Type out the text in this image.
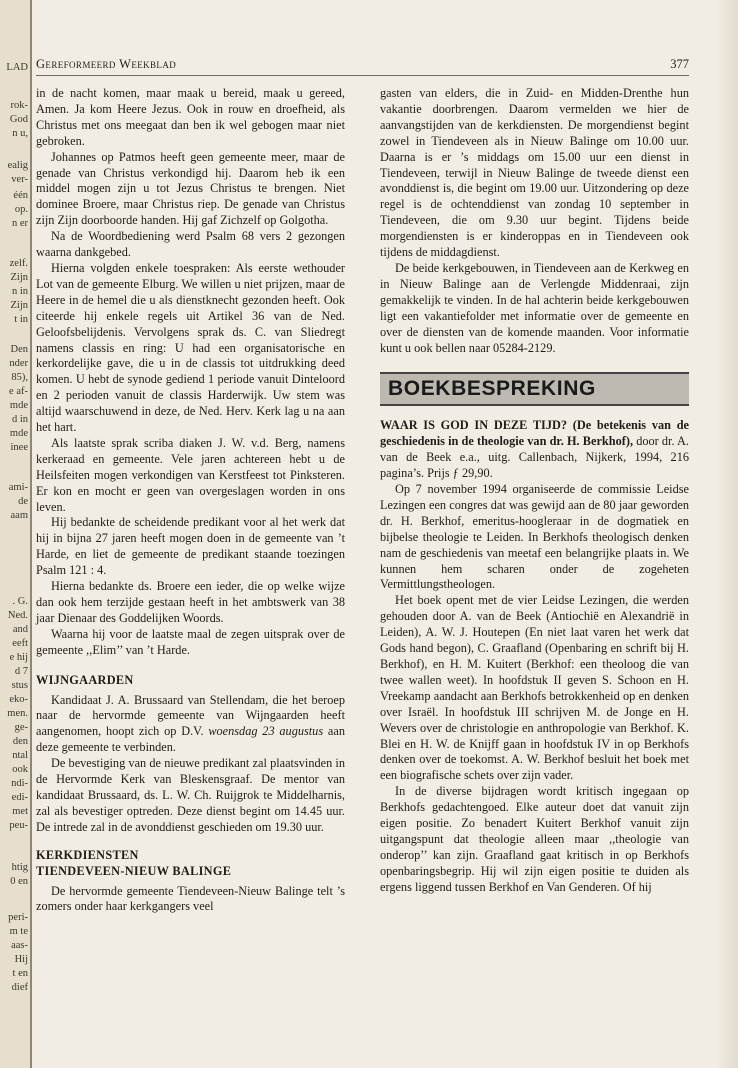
LAD
rok-
God
n u,
ealig
ver-
één
op.
n er
zelf.
Zijn
n in
Zijn
t in
Den
nder
85),
e af-
mde
d in
mde
inee
ami-
de
aam
. G.
Ned.
and
eeft
e hij
d 7
stus
eko-
men.
ge-
den
ntal
ook
ndi-
edi-
met
peu-
htig
0 en
peri-
m te
aas-
Hij
t en
dief
Gereformeerd Weekblad	377

in de nacht komen, maar maak u bereid, maak u gereed, Amen. Ja kom Heere Jezus. Ook in rouw en droefheid, als Christus met ons meegaat dan ben ik wel gebogen maar niet gebroken.

Johannes op Patmos heeft geen gemeente meer, maar de genade van Christus verkondigd hij. Daarom heb ik een middel mogen zijn u tot Jezus Christus te brengen. Niet dominee Broere, maar Christus riep. De genade van Christus zijn Zijn doorboorde handen. Hij gaf Zichzelf op Golgotha.

Na de Woordbediening werd Psalm 68 vers 2 gezongen waarna dankgebed.

Hierna volgden enkele toespraken: Als eerste wethouder Lot van de gemeente Elburg. We willen u niet prijzen, maar de Heere in de hemel die u als dienstknecht gezonden heeft. Ook citeerde hij enkele regels uit Artikel 36 van de Ned. Geloofsbelijdenis. Vervolgens sprak ds. C. van Sliedregt namens classis en ring: U had een organisatorische en kerkordelijke gave, die u in de classis tot uitdrukking deed komen. U hebt de synode gediend 1 periode vanuit Dinteloord en 2 perioden vanuit de classis Harderwijk. Uw stem was altijd waarschuwend in deze, de Ned. Herv. Kerk lag u na aan het hart.

Als laatste sprak scriba diaken J. W. v.d. Berg, namens kerkeraad en gemeente. Vele jaren achtereen hebt u de Heilsfeiten mogen verkondigen van Kerstfeest tot Pinksteren. Er kon en mocht er geen van overgeslagen worden in ons leven.

Hij bedankte de scheidende predikant voor al het werk dat hij in bijna 27 jaren heeft mogen doen in de gemeente van ’t Harde, en liet de gemeente de predikant staande toezingen Psalm 121 : 4.

Hierna bedankte ds. Broere een ieder, die op welke wijze dan ook hem terzijde gestaan heeft in het ambtswerk van 38 jaar Dienaar des Goddelijken Woords.

Waarna hij voor de laatste maal de zegen uitsprak over de gemeente ,,Elim’’ van ’t Harde.

WIJNGAARDEN

Kandidaat J. A. Brussaard van Stellendam, die het beroep naar de hervormde gemeente van Wijngaarden heeft aangenomen, hoopt zich op D.V. woensdag 23 augustus aan deze gemeente te verbinden.

De bevestiging van de nieuwe predikant zal plaatsvinden in de Hervormde Kerk van Bleskensgraaf. De mentor van kandidaat Brussaard, ds. L. W. Ch. Ruijgrok te Middelharnis, zal als bevestiger optreden. Deze dienst begint om 14.45 uur. De intrede zal in de avonddienst geschieden om 19.30 uur.

KERKDIENSTEN
TIENDEVEEN-NIEUW BALINGE

De hervormde gemeente Tiendeveen-Nieuw Balinge telt ’s zomers onder haar kerkgangers veel

gasten van elders, die in Zuid- en Midden-Drenthe hun vakantie doorbrengen. Daarom vermelden we hier de aanvangstijden van de kerkdiensten. De morgendienst begint zowel in Tiendeveen als in Nieuw Balinge om 10.00 uur. Daarna is er ’s middags om 15.00 uur een dienst in Tiendeveen, terwijl in Nieuw Balinge de tweede dienst een avonddienst is, die begint om 19.00 uur. Uitzondering op deze regel is de ochtenddienst van zondag 10 september in Tiendeveen, die om 9.30 uur begint. Tijdens beide morgendiensten is er kinderoppas en in Tiendeveen ook tijdens de middagdienst.

De beide kerkgebouwen, in Tiendeveen aan de Kerkweg en in Nieuw Balinge aan de Verlengde Middenraai, zijn gemakkelijk te vinden. In de hal achterin beide kerkgebouwen ligt een vakantiefolder met informatie over de gemeente en over de diensten van de komende maanden. Voor informatie kunt u ook bellen naar 05284-2129.

BOEKBESPREKING

WAAR IS GOD IN DEZE TIJD? (De betekenis van de geschiedenis in de theologie van dr. H. Berkhof), door dr. A. van de Beek e.a., uitg. Callenbach, Nijkerk, 1994, 216 pagina’s. Prijs ƒ 29,90.

Op 7 november 1994 organiseerde de commissie Leidse Lezingen een congres dat was gewijd aan de 80 jaar geworden dr. H. Berkhof, emeritus-hoogleraar in de dogmatiek en bijbelse theologie te Leiden. In Berkhofs theologisch denken nam de geschiedenis van meetaf een belangrijke plaats in. We kunnen hem scharen onder de zogeheten Vermittlungstheologen.

Het boek opent met de vier Leidse Lezingen, die werden gehouden door A. van de Beek (Antiochië en Alexandrië in Leiden), A. W. J. Houtepen (En niet laat varen het werk dat Gods hand begon), C. Graafland (Openbaring en schrift bij H. Berkhof), en H. M. Kuitert (Berkhof: een theoloog die van twee wallen weet). In hoofdstuk II geven S. Schoon en H. Vreekamp aandacht aan Berkhofs betrokkenheid op en denken over Israël. In hoofdstuk III schrijven M. de Jonge en H. Wevers over de christologie en anthropologie van Berkhof. K. Blei en H. W. de Knijff gaan in hoofdstuk IV in op Berkhofs denken over de toekomst. A. W. Berkhof besluit het boek met een biografische schets over zijn vader.

In de diverse bijdragen wordt kritisch ingegaan op Berkhofs gedachtengoed. Elke auteur doet dat vanuit zijn eigen positie. Zo benadert Kuitert Berkhof vanuit zijn uitgangspunt dat theologie alleen maar ,,theologie van onderop’’ kan zijn. Graafland gaat kritisch in op Berkhofs openbaringsbegrip. Hij wil zijn eigen positie te duiden als ergens liggend tussen Berkhof en Van Genderen. Of hij
